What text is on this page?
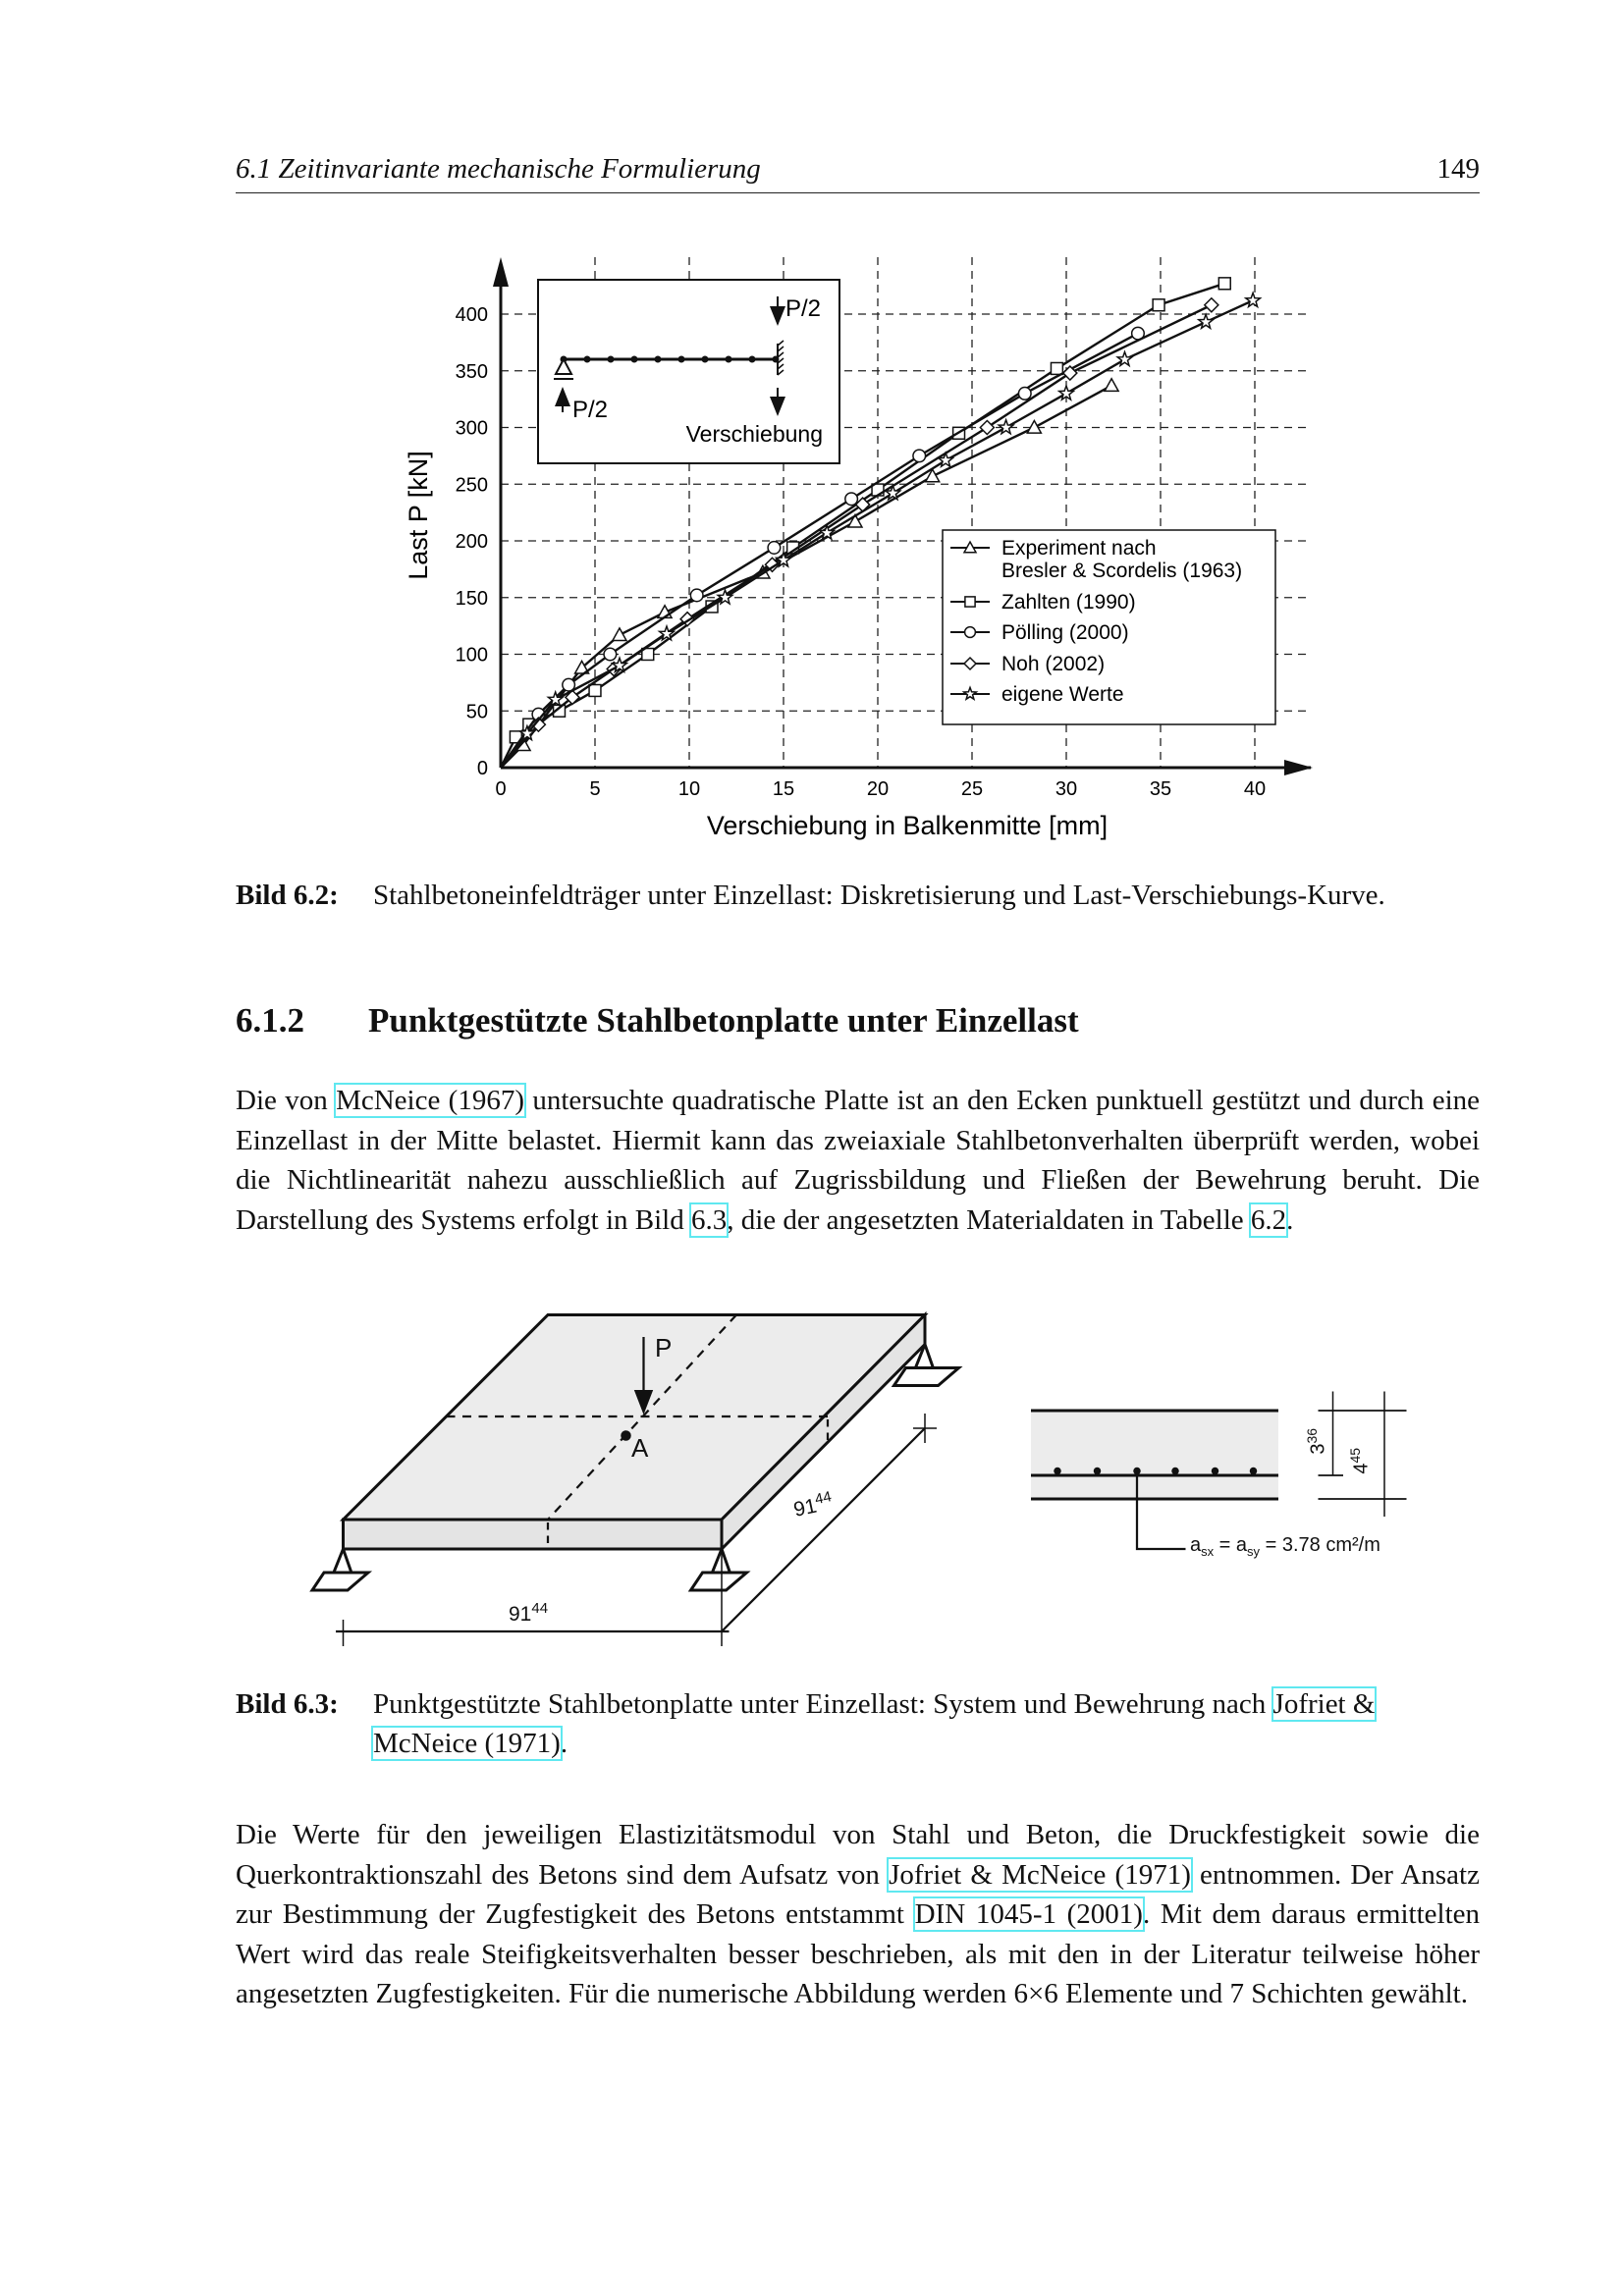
6.1 Zeitinvariante mechanische Formulierung	149
0	5	10	15	20	25	30	35	40
0
50
100
150
200
250
300
350
400
Last P [kN]
Verschiebung in Balkenmitte [mm]
P/2
P/2
Verschiebung
Experiment nach
Bresler & Scordelis (1963)
Zahlten (1990)
Pölling (2000)
Noh (2002)
eigene Werte
Bild 6.2: Stahlbetoneinfeldträger unter Einzellast: Diskretisierung und Last-Verschiebungs-Kurve.
6.1.2 Punktgestützte Stahlbetonplatte unter Einzellast
Die von McNeice (1967) untersuchte quadratische Platte ist an den Ecken punktuell gestützt und durch eine Einzellast in der Mitte belastet. Hiermit kann das zweiaxiale Stahlbetonverhalten überprüft werden, wobei die Nichtlinearität nahezu ausschließlich auf Zugrissbildung und Fließen der Bewehrung beruht. Die Darstellung des Systems erfolgt in Bild 6.3, die der angesetzten Materialdaten in Tabelle 6.2.
P
A
$91^{44}$
$91^{44}$
$3^{36}$
$4^{45}$
$a_{sx} = a_{sy} = 3.78$ cm²/m
Bild 6.3: Punktgestützte Stahlbetonplatte unter Einzellast: System und Bewehrung nach Jofriet & McNeice (1971).
Die Werte für den jeweiligen Elastizitätsmodul von Stahl und Beton, die Druckfestigkeit sowie die Querkontraktionszahl des Betons sind dem Aufsatz von Jofriet & McNeice (1971) entnommen. Der Ansatz zur Bestimmung der Zugfestigkeit des Betons entstammt DIN 1045-1 (2001). Mit dem daraus ermittelten Wert wird das reale Steifigkeitsverhalten besser beschrieben, als mit den in der Literatur teilweise höher angesetzten Zugfestigkeiten. Für die numerische Abbildung werden 6×6 Elemente und 7 Schichten gewählt.
